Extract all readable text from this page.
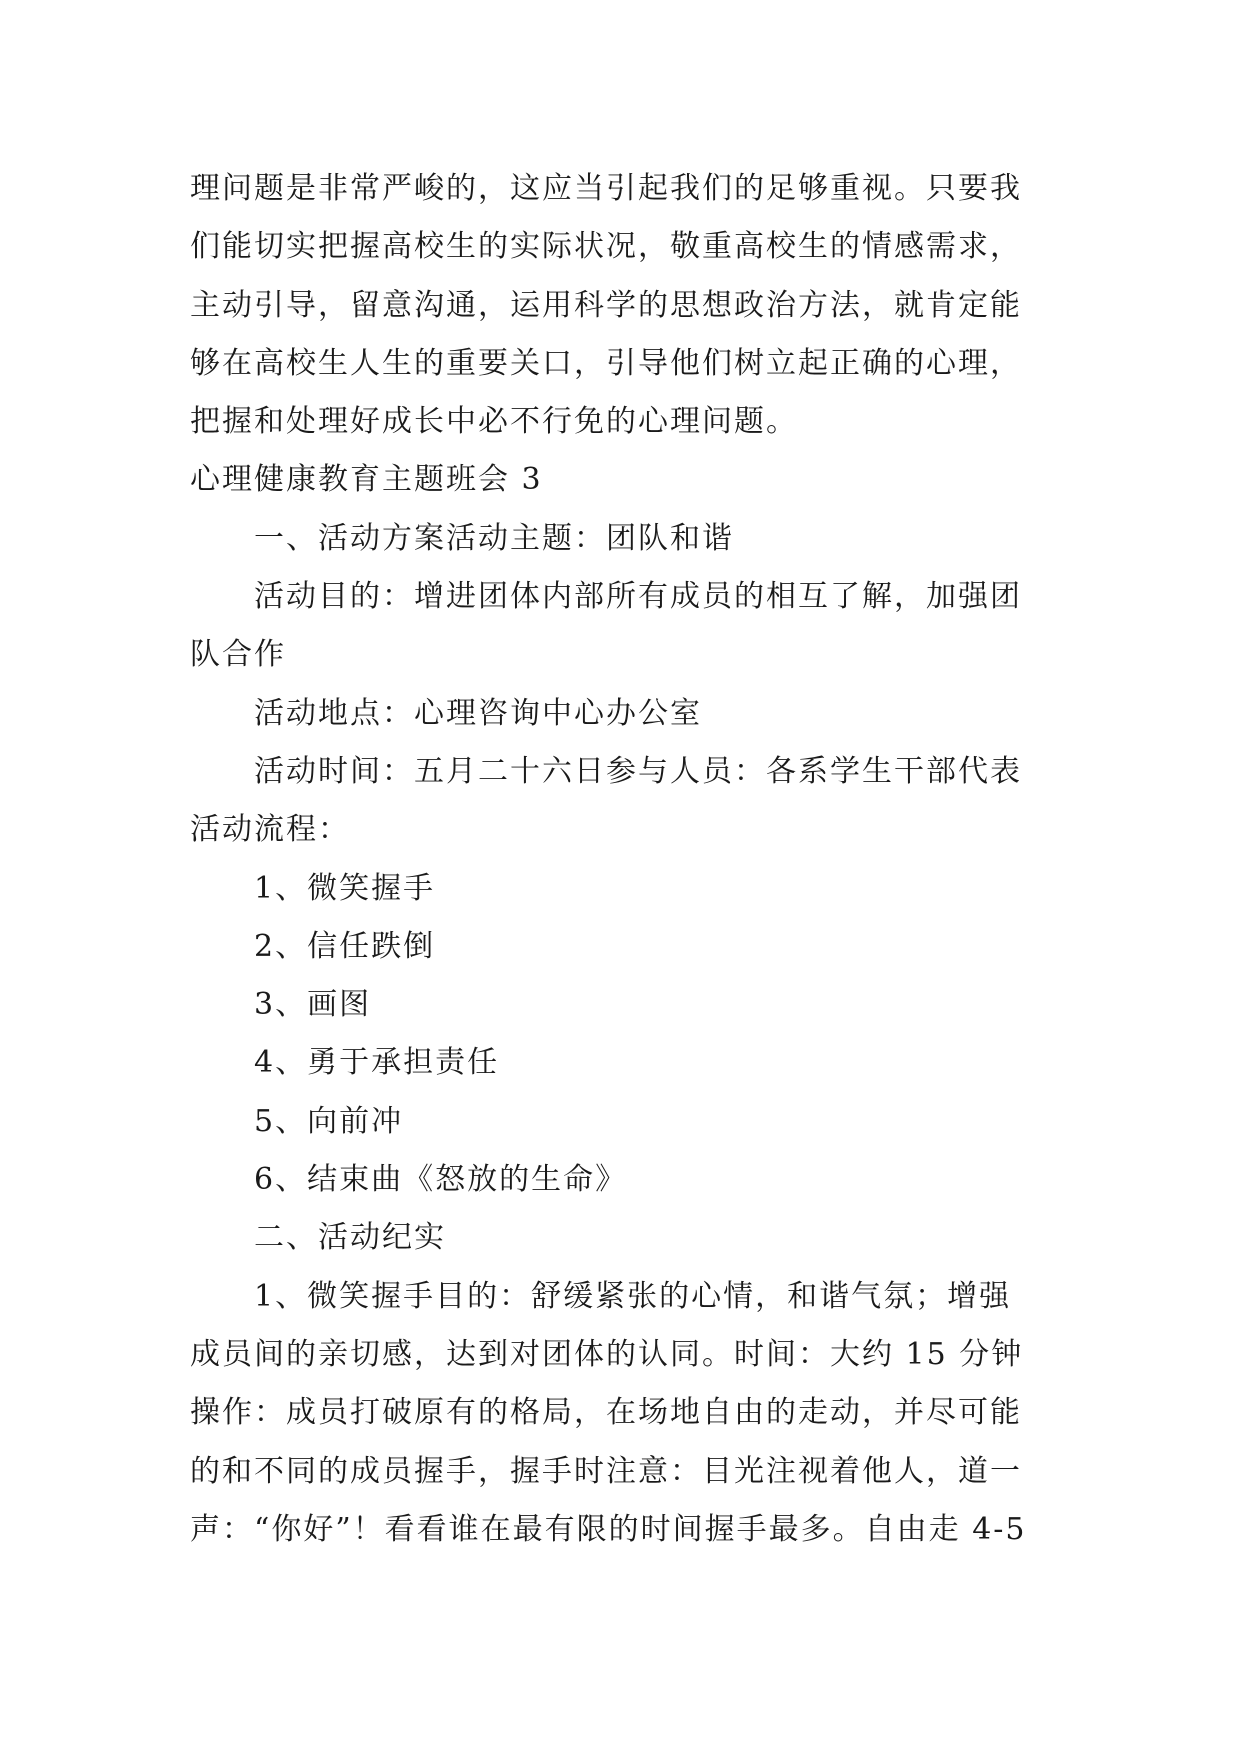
理问题是非常严峻的，这应当引起我们的足够重视。只要我

们能切实把握高校生的实际状况，敬重高校生的情感需求，

主动引导，留意沟通，运用科学的思想政治方法，就肯定能

够在高校生人生的重要关口，引导他们树立起正确的心理，

把握和处理好成长中必不行免的心理问题。

心理健康教育主题班会 3

一、活动方案活动主题：团队和谐

活动目的：增进团体内部所有成员的相互了解，加强团

队合作

活动地点：心理咨询中心办公室

活动时间：五月二十六日参与人员：各系学生干部代表

活动流程：

1、微笑握手

2、信任跌倒

3、画图

4、勇于承担责任

5、向前冲

6、结束曲《怒放的生命》

二、活动纪实

1、微笑握手目的：舒缓紧张的心情，和谐气氛；增强

成员间的亲切感，达到对团体的认同。时间：大约 15 分钟

操作：成员打破原有的格局，在场地自由的走动，并尽可能

的和不同的成员握手，握手时注意：目光注视着他人，道一

声：“你好”！看看谁在最有限的时间握手最多。自由走 4-5
